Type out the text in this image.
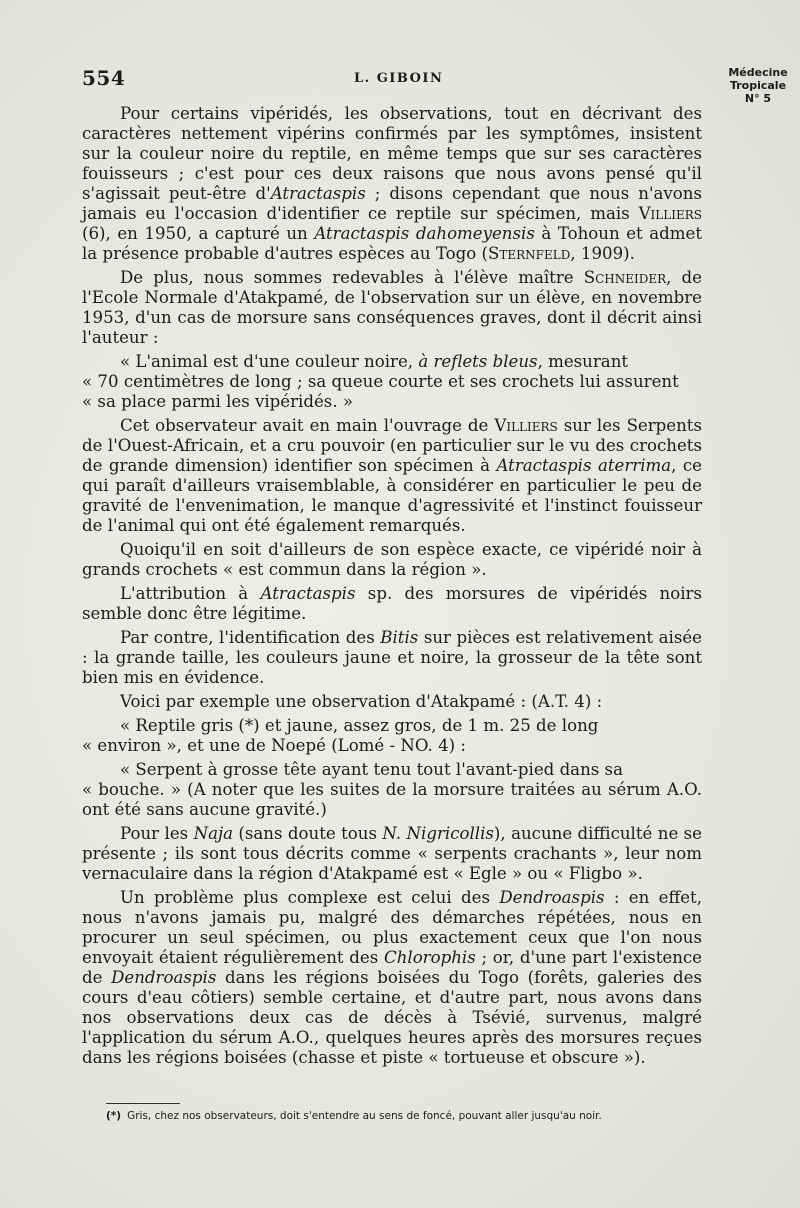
554	L. GIBOIN	Médecine
Tropicale
N° 5

Pour certains vipéridés, les observations, tout en décrivant des caractères nettement vipérins confirmés par les symptômes, insistent sur la couleur noire du reptile, en même temps que sur ses caractères fouisseurs ; c'est pour ces deux raisons que nous avons pensé qu'il s'agissait peut-être d'Atractaspis ; disons cependant que nous n'avons jamais eu l'occasion d'identifier ce reptile sur spécimen, mais Villiers (6), en 1950, a capturé un Atractaspis dahomeyensis à Tohoun et admet la présence probable d'autres espèces au Togo (Sternfeld, 1909).

De plus, nous sommes redevables à l'élève maître Schneider, de l'Ecole Normale d'Atakpamé, de l'observation sur un élève, en novembre 1953, d'un cas de morsure sans conséquences graves, dont il décrit ainsi l'auteur :

« L'animal est d'une couleur noire, à reflets bleus, mesurant
« 70 centimètres de long ; sa queue courte et ses crochets lui assurent
« sa place parmi les vipéridés. »

Cet observateur avait en main l'ouvrage de Villiers sur les Serpents de l'Ouest-Africain, et a cru pouvoir (en particulier sur le vu des crochets de grande dimension) identifier son spécimen à Atractaspis aterrima, ce qui paraît d'ailleurs vraisemblable, à considérer en particulier le peu de gravité de l'envenimation, le manque d'agressivité et l'instinct fouisseur de l'animal qui ont été également remarqués.

Quoiqu'il en soit d'ailleurs de son espèce exacte, ce vipéridé noir à grands crochets « est commun dans la région ».

L'attribution à Atractaspis sp. des morsures de vipéridés noirs semble donc être légitime.

Par contre, l'identification des Bitis sur pièces est relativement aisée : la grande taille, les couleurs jaune et noire, la grosseur de la tête sont bien mis en évidence.

Voici par exemple une observation d'Atakpamé : (A.T. 4) :

« Reptile gris (*) et jaune, assez gros, de 1 m. 25 de long
« environ », et une de Noepé (Lomé - NO. 4) :

« Serpent à grosse tête ayant tenu tout l'avant-pied dans sa
« bouche. » (A noter que les suites de la morsure traitées au sérum A.O. ont été sans aucune gravité.)

Pour les Naja (sans doute tous N. Nigricollis), aucune difficulté ne se présente ; ils sont tous décrits comme « serpents crachants », leur nom vernaculaire dans la région d'Atakpamé est « Egle » ou « Fligbo ».

Un problème plus complexe est celui des Dendroaspis : en effet, nous n'avons jamais pu, malgré des démarches répétées, nous en procurer un seul spécimen, ou plus exactement ceux que l'on nous envoyait étaient régulièrement des Chlorophis ; or, d'une part l'existence de Dendroaspis dans les régions boisées du Togo (forêts, galeries des cours d'eau côtiers) semble certaine, et d'autre part, nous avons dans nos observations deux cas de décès à Tsévié, survenus, malgré l'application du sérum A.O., quelques heures après des morsures reçues dans les régions boisées (chasse et piste « tortueuse et obscure »).

(*) Gris, chez nos observateurs, doit s'entendre au sens de foncé, pouvant aller jusqu'au noir.
